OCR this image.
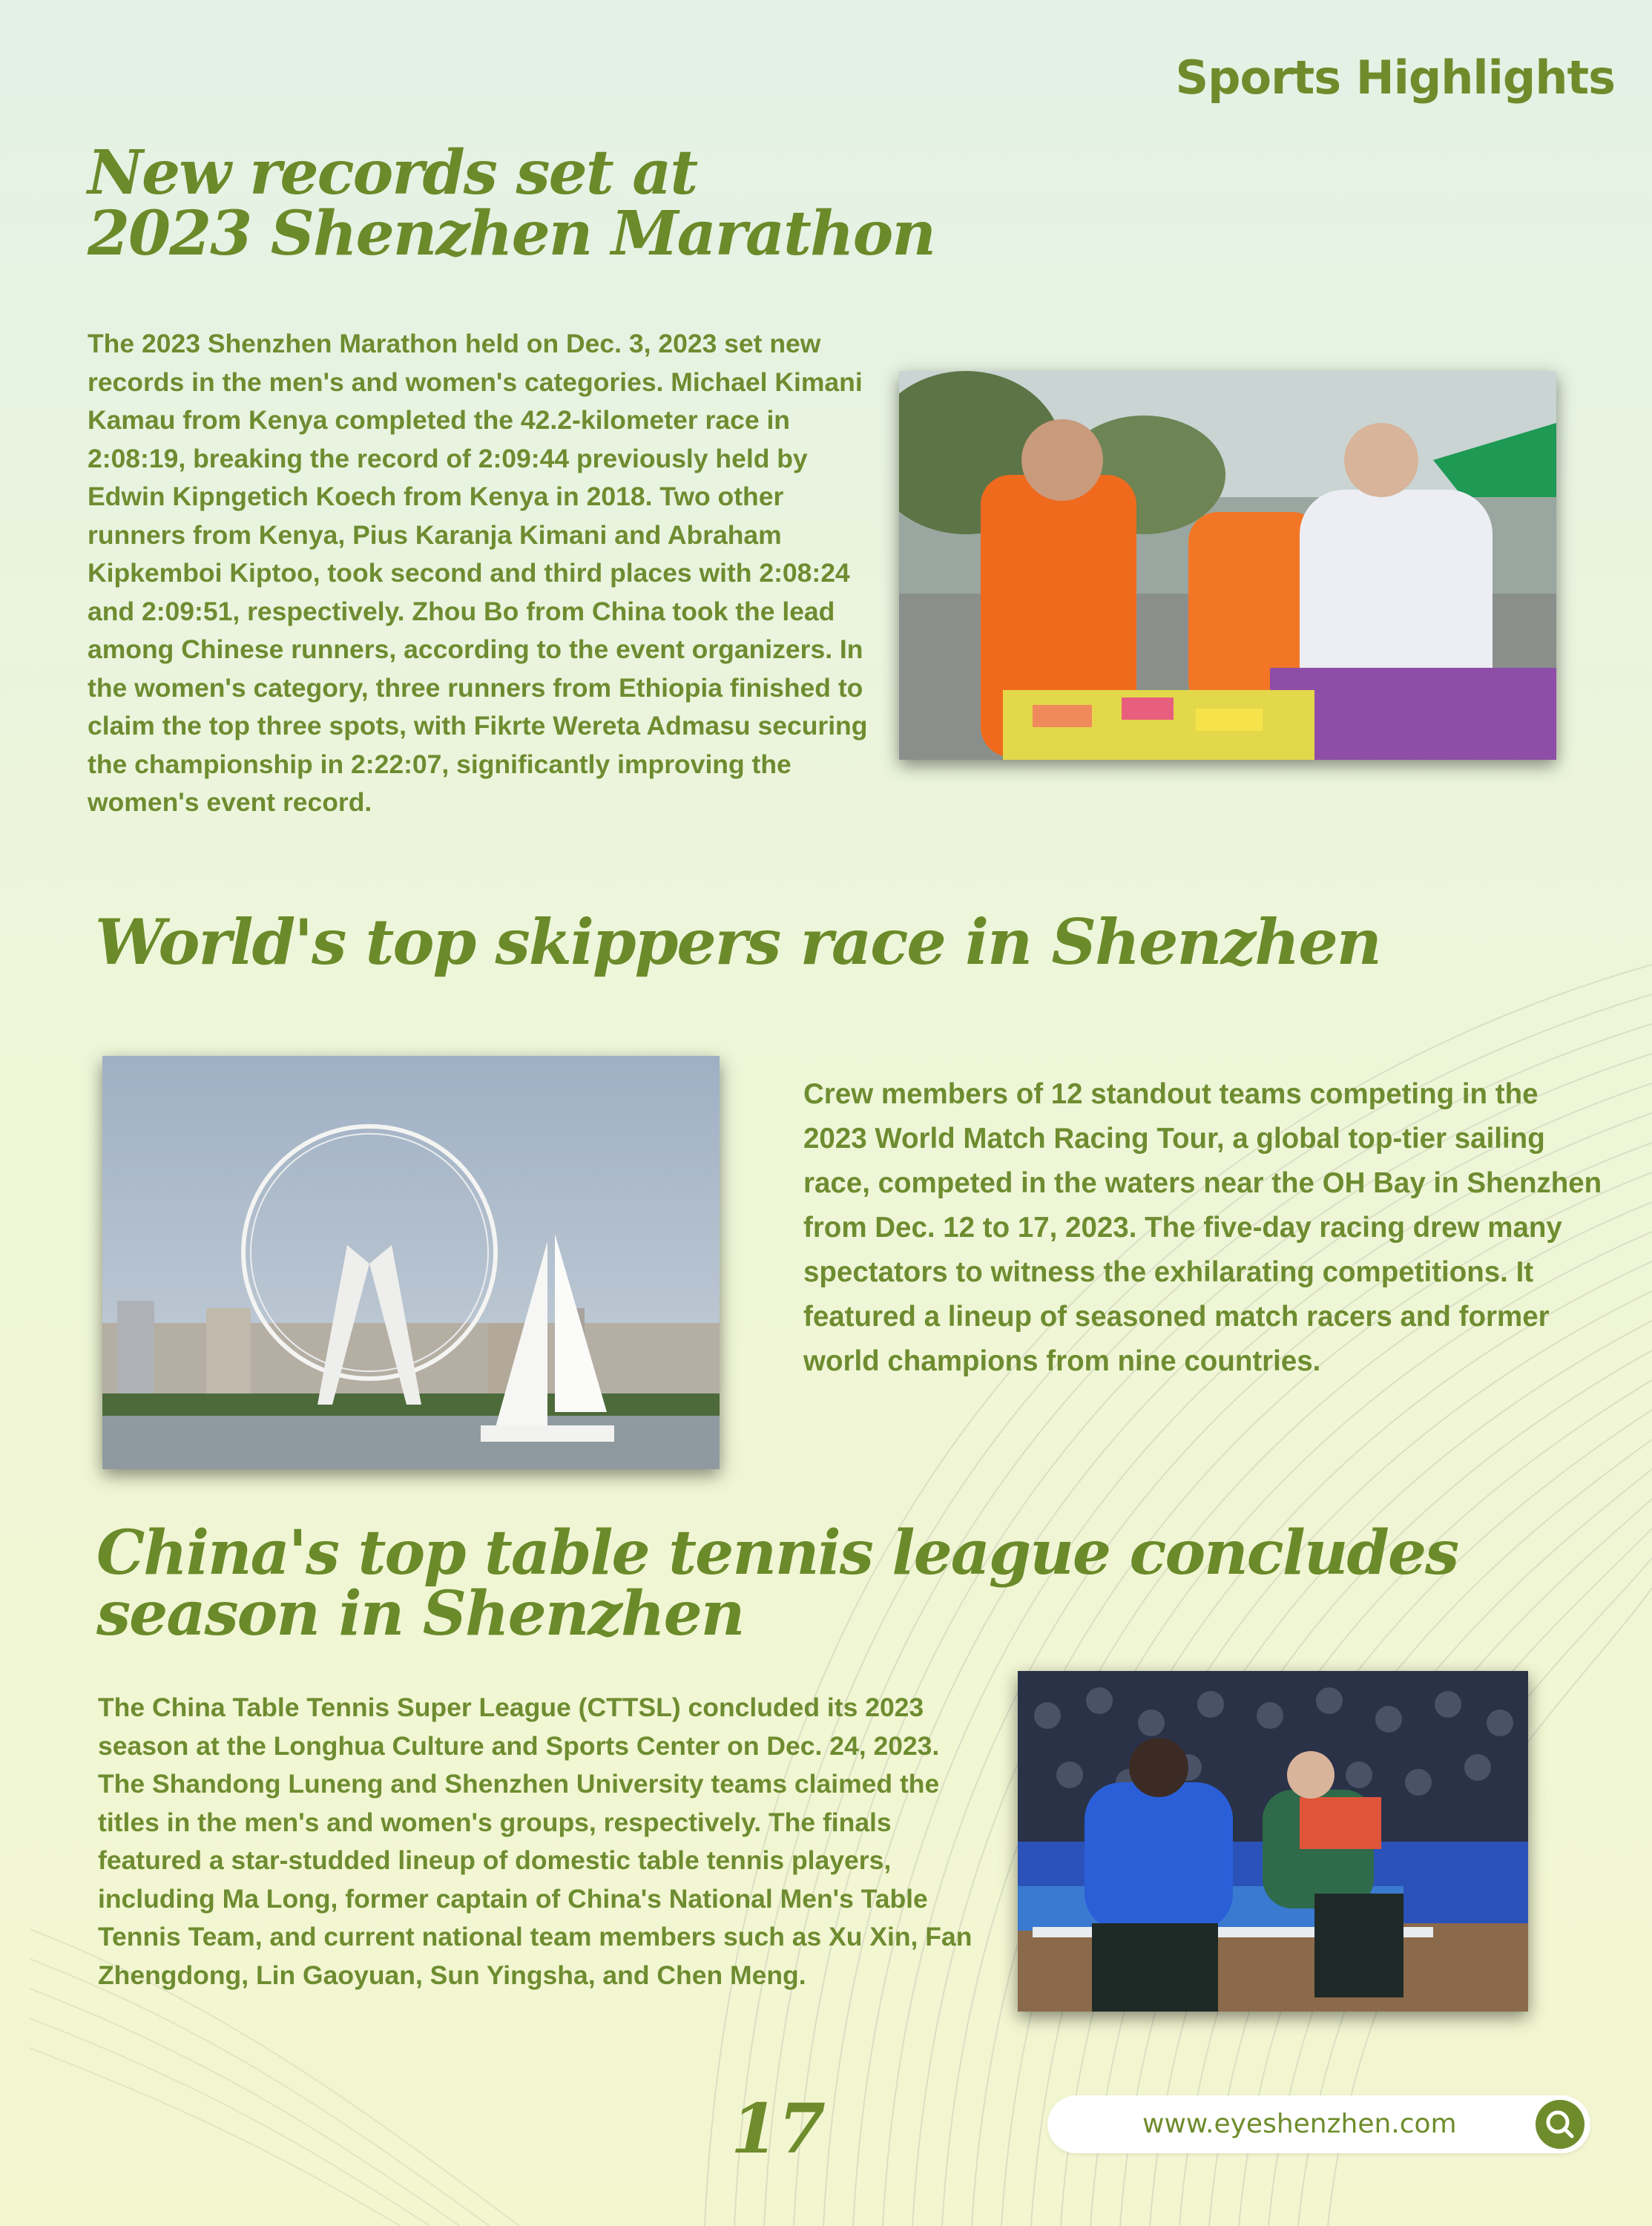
Sports Highlights
New records set at
2023 Shenzhen Marathon

The 2023 Shenzhen Marathon held on Dec. 3, 2023 set new records in the men's and women's categories. Michael Kimani Kamau from Kenya completed the 42.2-kilometer race in 2:08:19, breaking the record of 2:09:44 previously held by Edwin Kipngetich Koech from Kenya in 2018. Two other runners from Kenya, Pius Karanja Kimani and Abraham Kipkemboi Kiptoo, took second and third places with 2:08:24 and 2:09:51, respectively. Zhou Bo from China took the lead among Chinese runners, according to the event organizers. In the women's category, three runners from Ethiopia finished to claim the top three spots, with Fikrte Wereta Admasu securing the championship in 2:22:07, significantly improving the women's event record.

World's top skippers race in Shenzhen

Crew members of 12 standout teams competing in the 2023 World Match Racing Tour, a global top-tier sailing race, competed in the waters near the OH Bay in Shenzhen from Dec. 12 to 17, 2023. The five-day racing drew many spectators to witness the exhilarating competitions. It featured a lineup of seasoned match racers and former world champions from nine countries.

China's top table tennis league concludes
season in Shenzhen

The China Table Tennis Super League (CTTSL) concluded its 2023 season at the Longhua Culture and Sports Center on Dec. 24, 2023. The Shandong Luneng and Shenzhen University teams claimed the titles in the men's and women's groups, respectively. The finals featured a star-studded lineup of domestic table tennis players, including Ma Long, former captain of China's National Men's Table Tennis Team, and current national team members such as Xu Xin, Fan Zhengdong, Lin Gaoyuan, Sun Yingsha, and Chen Meng.

17	www.eyeshenzhen.com
